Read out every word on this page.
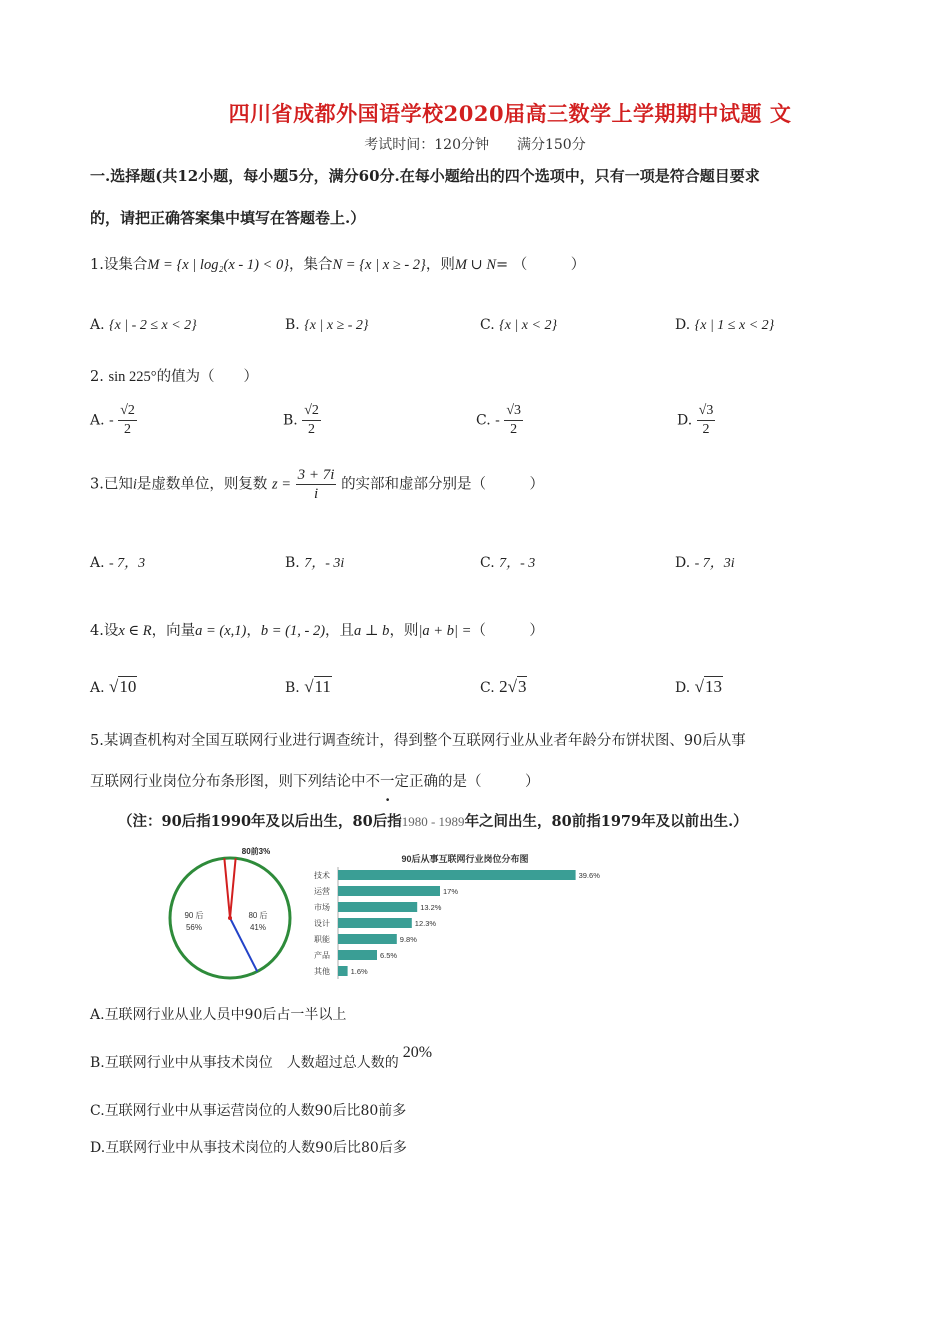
四川省成都外国语学校2020届高三数学上学期期中试题 文
考试时间：120分钟　　满分150分
一.选择题(共12小题，每小题5分，满分60分.在每小题给出的四个选项中，只有一项是符合题目要求
的，请把正确答案集中填写在答题卷上.）
1.设集合M = {x | log₂(x - 1) < 0}，集合N = {x | x ≥ - 2}，则M ∪ N= （　　　）
A. {x | - 2 ≤ x < 2}	B. {x | x ≥ - 2}	C. {x | x < 2}	D. {x | 1 ≤ x < 2}
2. sin 225°的值为（　　）
A. - $\frac{√2}{2}$	B. $\frac{√2}{2}$	C. - $\frac{√3}{2}$	D. $\frac{√3}{2}$
3.已知i是虚数单位，则复数 $z = \frac{3 + 7i}{i}$ 的实部和虚部分别是（　　　）
A. - 7，3	B. 7，- 3i	C. 7，- 3	D. - 7，3i
4.设x ∈ R，向量a = (x,1)，b = (1, - 2)，且a ⊥ b，则|a + b| =（　　　）
A. √10	B. √11	C. 2√3	D. √13
5.某调查机构对全国互联网行业进行调查统计，得到整个互联网行业从业者年龄分布饼状图、90后从事
互联网行业岗位分布条形图，则下列结论中不一定正确的是（　　　）
（注：90后指1990年及以后出生，80后指1980 - 1989年之间出生，80前指1979年及以前出生.）
90 后
56%
80 后
41%
80前3%
90后从事互联网行业岗位分布图
技术	39.6%
运营	17%
市场	13.2%
设计	12.3%
职能	9.8%
产品	6.5%
其他	1.6%
A.互联网行业从业人员中90后占一半以上
B.互联网行业中从事技术岗位　人数超过总人数的20%
C.互联网行业中从事运营岗位的人数90后比80前多
D.互联网行业中从事技术岗位的人数90后比80后多
